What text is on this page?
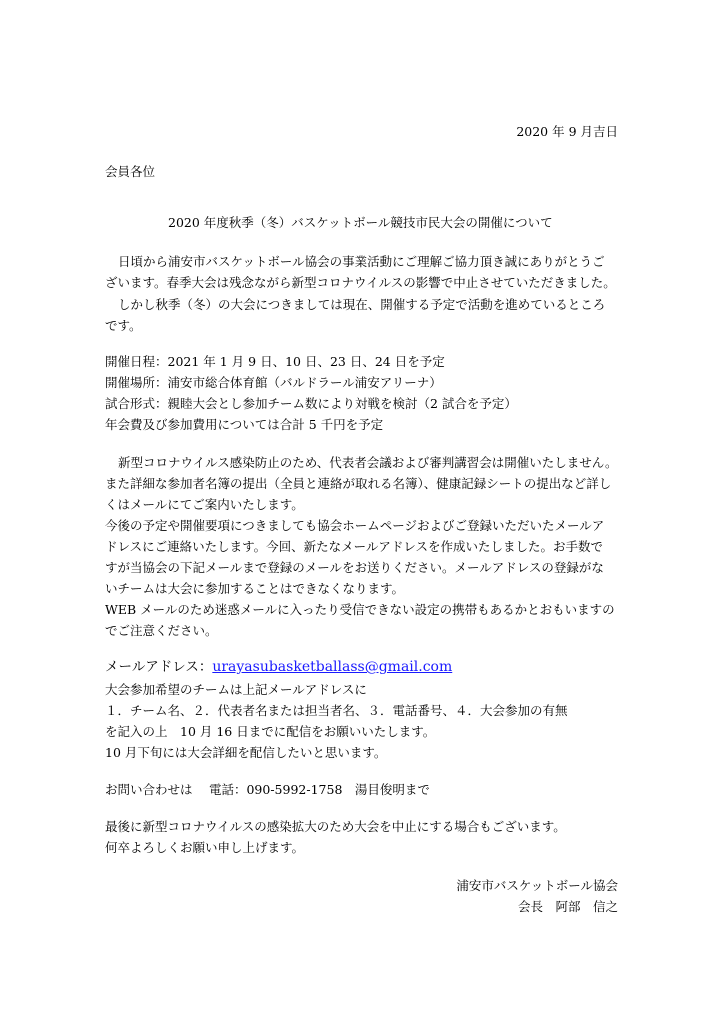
2020 年 9 月吉日
会員各位
2020 年度秋季（冬）バスケットボール競技市民大会の開催について
日頃から浦安市バスケットボール協会の事業活動にご理解ご協力頂き誠にありがとうご
ざいます。春季大会は残念ながら新型コロナウイルスの影響で中止させていただきました。
しかし秋季（冬）の大会につきましては現在、開催する予定で活動を進めているところ
です。
開催日程：2021 年 1 月 9 日、10 日、23 日、24 日を予定
開催場所：浦安市総合体育館（バルドラール浦安アリーナ）
試合形式：親睦大会とし参加チーム数により対戦を検討（2 試合を予定）
年会費及び参加費用については合計 5 千円を予定
新型コロナウイルス感染防止のため、代表者会議および審判講習会は開催いたしません。
また詳細な参加者名簿の提出（全員と連絡が取れる名簿）、健康記録シートの提出など詳し
くはメールにてご案内いたします。
今後の予定や開催要項につきましても協会ホームページおよびご登録いただいたメールア
ドレスにご連絡いたします。今回、新たなメールアドレスを作成いたしました。お手数で
すが当協会の下記メールまで登録のメールをお送りください。メールアドレスの登録がな
いチームは大会に参加することはできなくなります。
WEB メールのため迷惑メールに入ったり受信できない設定の携帯もあるかとおもいますの
でご注意ください。
メールアドレス：urayasubasketballass@gmail.com
大会参加希望のチームは上記メールアドレスに
１．チーム名、２．代表者名または担当者名、３．電話番号、４．大会参加の有無
を記入の上　10 月 16 日までに配信をお願いいたします。
10 月下旬には大会詳細を配信したいと思います。
お問い合わせは　 電話：090-5992-1758　湯目俊明まで
最後に新型コロナウイルスの感染拡大のため大会を中止にする場合もございます。
何卒よろしくお願い申し上げます。
浦安市バスケットボール協会
会長　阿部　信之
